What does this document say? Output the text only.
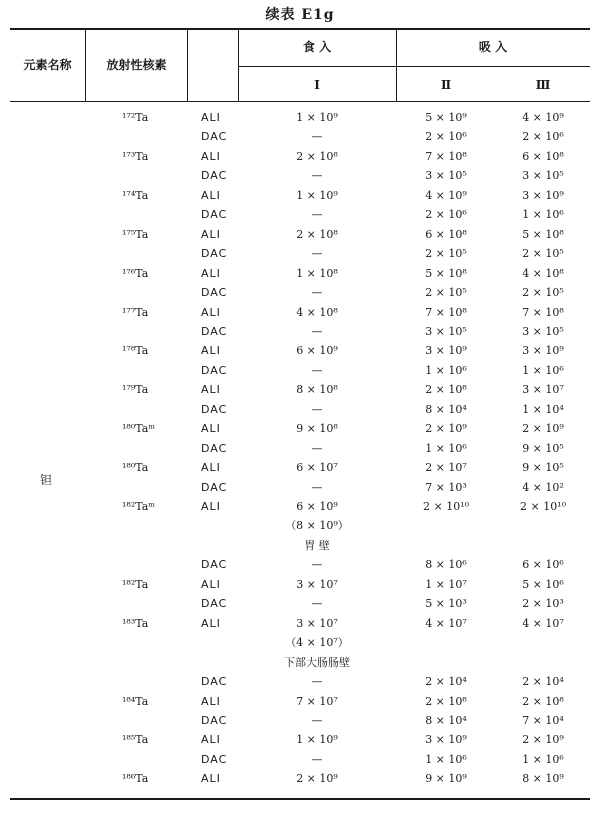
续表 E1g
元素名称	放射性核素
食 入	吸 入
I	Ⅱ	Ⅲ
钽
¹⁷²Ta	ALI	1 × 10⁹	5 × 10⁹	4 × 10⁹
DAC	—	2 × 10⁶	2 × 10⁶
¹⁷³Ta	ALI	2 × 10⁸	7 × 10⁸	6 × 10⁸
DAC	—	3 × 10⁵	3 × 10⁵
¹⁷⁴Ta	ALI	1 × 10⁹	4 × 10⁹	3 × 10⁹
DAC	—	2 × 10⁶	1 × 10⁶
¹⁷⁵Ta	ALI	2 × 10⁸	6 × 10⁸	5 × 10⁸
DAC	—	2 × 10⁵	2 × 10⁵
¹⁷⁶Ta	ALI	1 × 10⁸	5 × 10⁸	4 × 10⁸
DAC	—	2 × 10⁵	2 × 10⁵
¹⁷⁷Ta	ALI	4 × 10⁸	7 × 10⁸	7 × 10⁸
DAC	—	3 × 10⁵	3 × 10⁵
¹⁷⁸Ta	ALI	6 × 10⁹	3 × 10⁹	3 × 10⁹
DAC	—	1 × 10⁶	1 × 10⁶
¹⁷⁹Ta	ALI	8 × 10⁸	2 × 10⁸	3 × 10⁷
DAC	—	8 × 10⁴	1 × 10⁴
¹⁸⁰Taᵐ	ALI	9 × 10⁸	2 × 10⁹	2 × 10⁹
DAC	—	1 × 10⁶	9 × 10⁵
¹⁸⁰Ta	ALI	6 × 10⁷	2 × 10⁷	9 × 10⁵
DAC	—	7 × 10³	4 × 10²
¹⁸²Taᵐ	ALI	6 × 10⁹	2 × 10¹⁰	2 × 10¹⁰
（8 × 10⁹）
胃 壁
DAC	—	8 × 10⁶	6 × 10⁶
¹⁸²Ta	ALI	3 × 10⁷	1 × 10⁷	5 × 10⁶
DAC	—	5 × 10³	2 × 10³
¹⁸³Ta	ALI	3 × 10⁷	4 × 10⁷	4 × 10⁷
（4 × 10⁷）
下部大肠肠壁
DAC	—	2 × 10⁴	2 × 10⁴
¹⁸⁴Ta	ALI	7 × 10⁷	2 × 10⁸	2 × 10⁸
DAC	—	8 × 10⁴	7 × 10⁴
¹⁸⁵Ta	ALI	1 × 10⁹	3 × 10⁹	2 × 10⁹
DAC	—	1 × 10⁶	1 × 10⁶
¹⁸⁶Ta	ALI	2 × 10⁹	9 × 10⁹	8 × 10⁹
